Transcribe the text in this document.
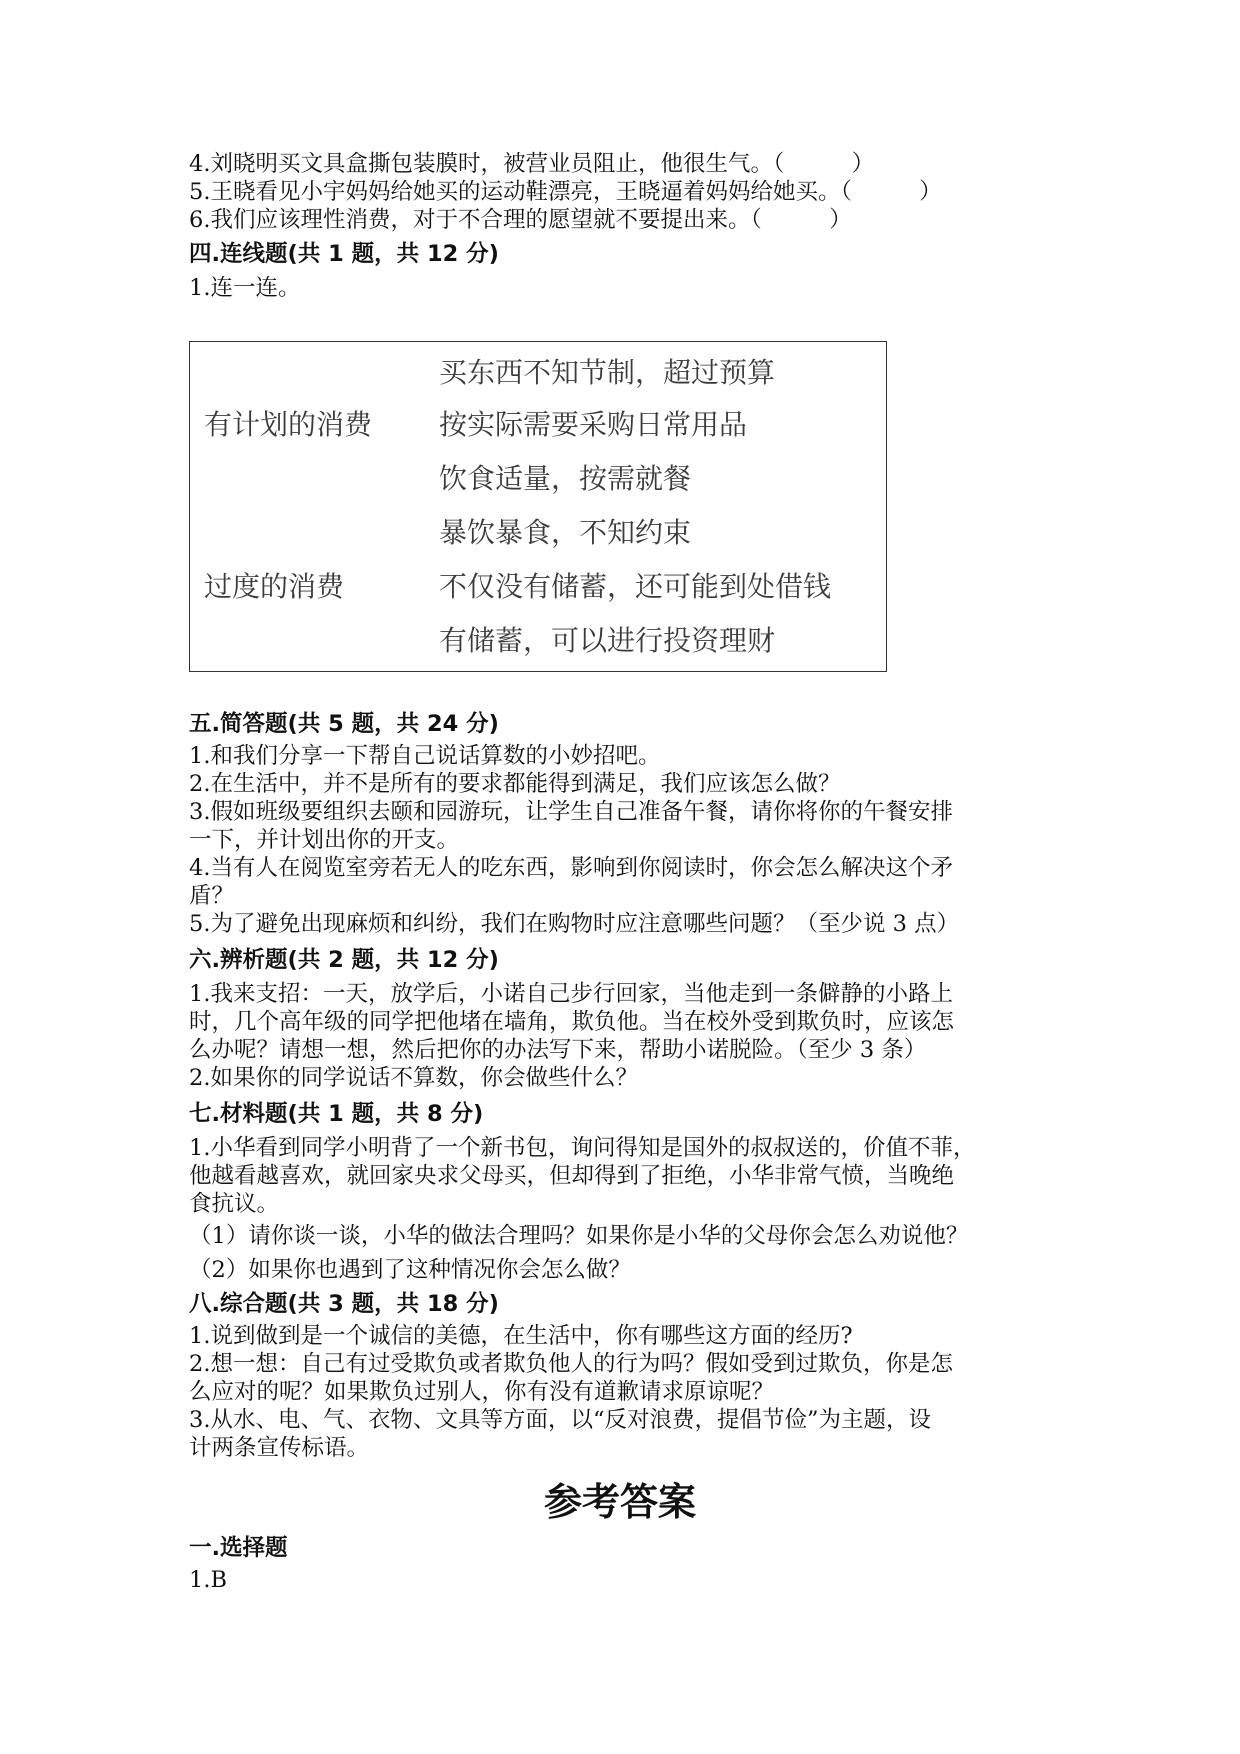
4.刘晓明买文具盒撕包装膜时，被营业员阻止，他很生气。（　　　）
5.王晓看见小宇妈妈给她买的运动鞋漂亮，王晓逼着妈妈给她买。（　　　）
6.我们应该理性消费，对于不合理的愿望就不要提出来。（　　　）
四.连线题(共 1 题，共 12 分)
1.连一连。
买东西不知节制，超过预算
有计划的消费 按实际需要采购日常用品
饮食适量，按需就餐
暴饮暴食，不知约束
过度的消费	不仅没有储蓄，还可能到处借钱
有储蓄，可以进行投资理财
五.简答题(共 5 题，共 24 分)
1.和我们分享一下帮自己说话算数的小妙招吧。
2.在生活中，并不是所有的要求都能得到满足，我们应该怎么做？
3.假如班级要组织去颐和园游玩，让学生自己准备午餐，请你将你的午餐安排
一下，并计划出你的开支。
4.当有人在阅览室旁若无人的吃东西，影响到你阅读时，你会怎么解决这个矛
盾？
5.为了避免出现麻烦和纠纷，我们在购物时应注意哪些问题？（至少说 3 点）
六.辨析题(共 2 题，共 12 分)
1.我来支招：一天，放学后，小诺自己步行回家，当他走到一条僻静的小路上
时，几个高年级的同学把他堵在墙角，欺负他。当在校外受到欺负时，应该怎
么办呢？请想一想，然后把你的办法写下来，帮助小诺脱险。（至少 3 条）
2.如果你的同学说话不算数，你会做些什么？
七.材料题(共 1 题，共 8 分)
1.小华看到同学小明背了一个新书包，询问得知是国外的叔叔送的，价值不菲，
他越看越喜欢，就回家央求父母买，但却得到了拒绝，小华非常气愤，当晚绝
食抗议。
（1）请你谈一谈，小华的做法合理吗？如果你是小华的父母你会怎么劝说他？
（2）如果你也遇到了这种情况你会怎么做？
八.综合题(共 3 题，共 18 分)
1.说到做到是一个诚信的美德，在生活中，你有哪些这方面的经历?
2.想一想：自己有过受欺负或者欺负他人的行为吗？假如受到过欺负，你是怎
么应对的呢？如果欺负过别人，你有没有道歉请求原谅呢？
3.从水、电、气、衣物、文具等方面，以“反对浪费，提倡节俭”为主题，设
计两条宣传标语。
参考答案
一.选择题
1.B
